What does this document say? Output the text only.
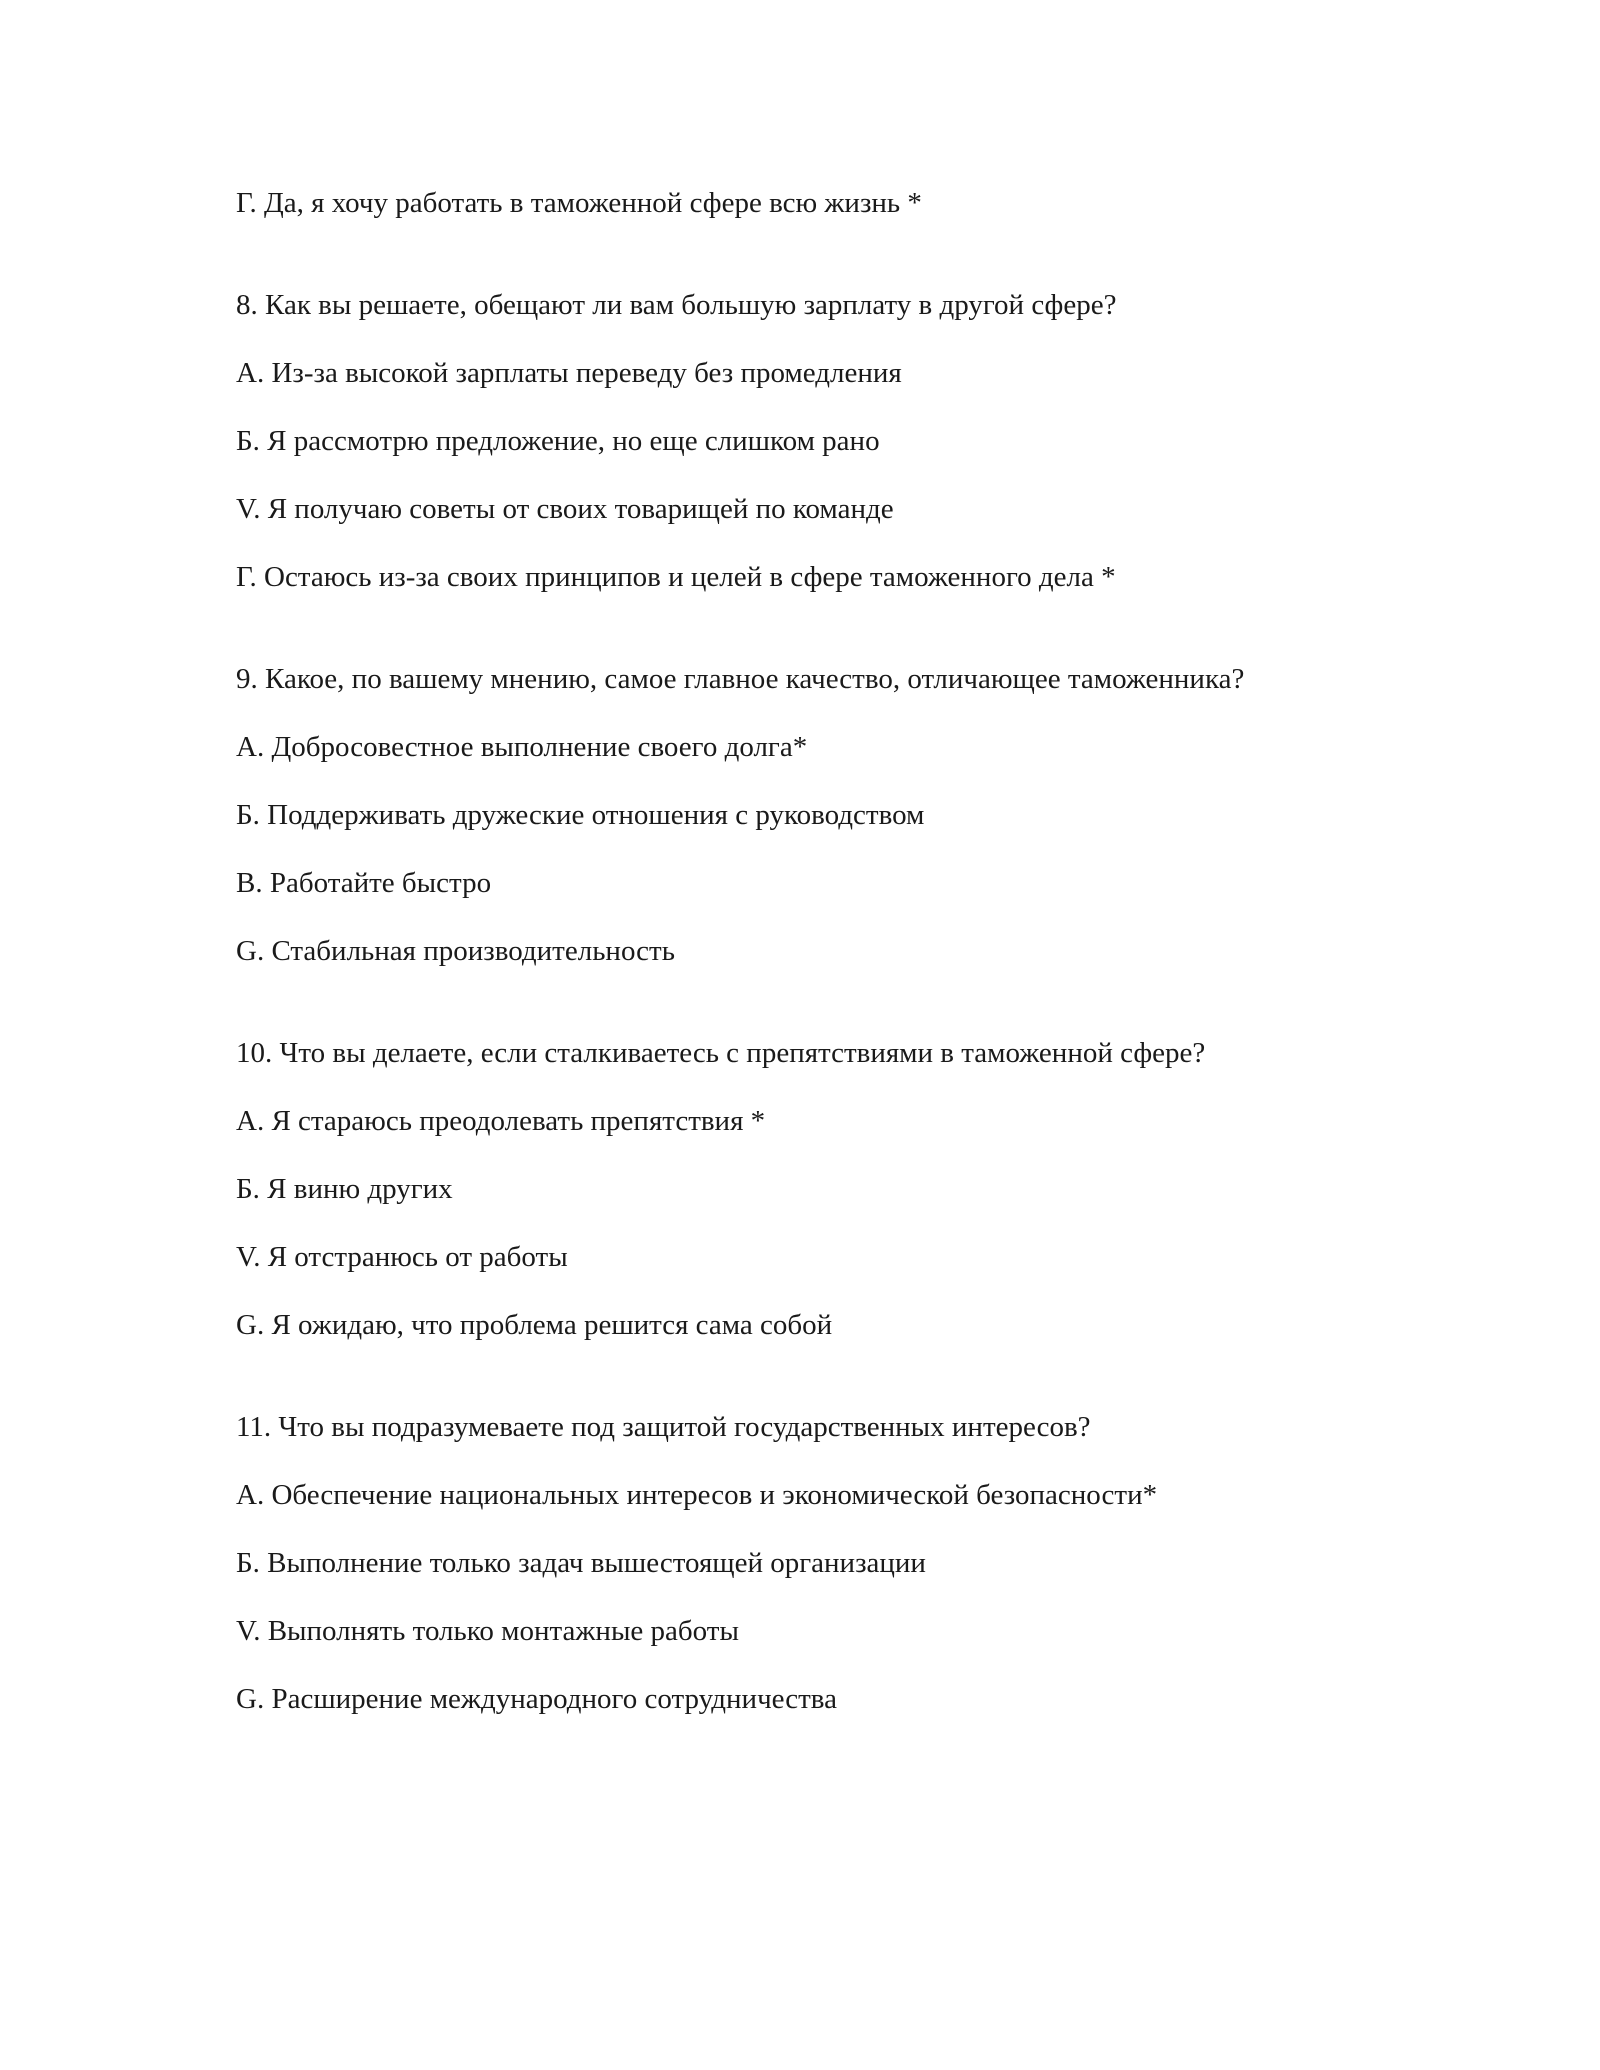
Г. Да, я хочу работать в таможенной сфере всю жизнь *
8. Как вы решаете, обещают ли вам большую зарплату в другой сфере?
А. Из-за высокой зарплаты переведу без промедления
Б. Я рассмотрю предложение, но еще слишком рано
V. Я получаю советы от своих товарищей по команде
Г. Остаюсь из-за своих принципов и целей в сфере таможенного дела *
9. Какое, по вашему мнению, самое главное качество, отличающее таможенника?
А. Добросовестное выполнение своего долга*
Б. Поддерживать дружеские отношения с руководством
В. Работайте быстро
G. Стабильная производительность
10. Что вы делаете, если сталкиваетесь с препятствиями в таможенной сфере?
А. Я стараюсь преодолевать препятствия *
Б. Я виню других
V. Я отстранюсь от работы
G. Я ожидаю, что проблема решится сама собой
11. Что вы подразумеваете под защитой государственных интересов?
А. Обеспечение национальных интересов и экономической безопасности*
Б. Выполнение только задач вышестоящей организации
V. Выполнять только монтажные работы
G. Расширение международного сотрудничества
